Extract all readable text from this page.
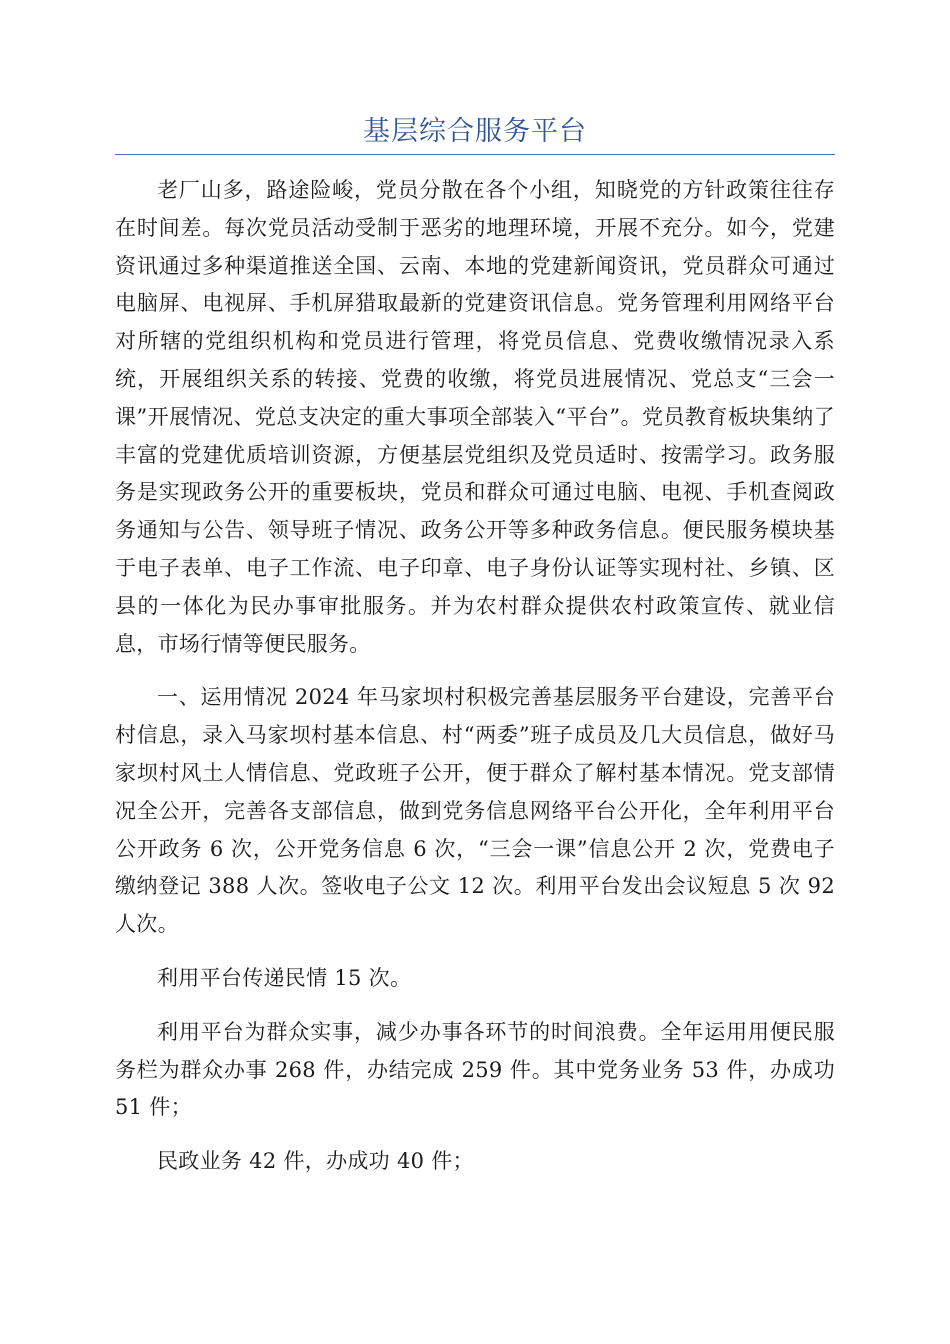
基层综合服务平台

老厂山多，路途险峻，党员分散在各个小组，知晓党的方针政策往往存在时间差。每次党员活动受制于恶劣的地理环境，开展不充分。如今，党建资讯通过多种渠道推送全国、云南、本地的党建新闻资讯，党员群众可通过电脑屏、电视屏、手机屏猎取最新的党建资讯信息。党务管理利用网络平台对所辖的党组织机构和党员进行管理，将党员信息、党费收缴情况录入系统，开展组织关系的转接、党费的收缴，将党员进展情况、党总支“三会一课”开展情况、党总支决定的重大事项全部装入“平台”。党员教育板块集纳了丰富的党建优质培训资源，方便基层党组织及党员适时、按需学习。政务服务是实现政务公开的重要板块，党员和群众可通过电脑、电视、手机查阅政务通知与公告、领导班子情况、政务公开等多种政务信息。便民服务模块基于电子表单、电子工作流、电子印章、电子身份认证等实现村社、乡镇、区县的一体化为民办事审批服务。并为农村群众提供农村政策宣传、就业信息，市场行情等便民服务。

一、运用情况 2024 年马家坝村积极完善基层服务平台建设，完善平台村信息，录入马家坝村基本信息、村“两委”班子成员及几大员信息，做好马家坝村风土人情信息、党政班子公开，便于群众了解村基本情况。党支部情况全公开，完善各支部信息，做到党务信息网络平台公开化，全年利用平台公开政务 6 次，公开党务信息 6 次，“三会一课”信息公开 2 次，党费电子缴纳登记 388 人次。签收电子公文 12 次。利用平台发出会议短息 5 次 92 人次。

利用平台传递民情 15 次。

利用平台为群众实事，减少办事各环节的时间浪费。全年运用用便民服务栏为群众办事 268 件，办结完成 259 件。其中党务业务 53 件，办成功 51 件；

民政业务 42 件，办成功 40 件；
